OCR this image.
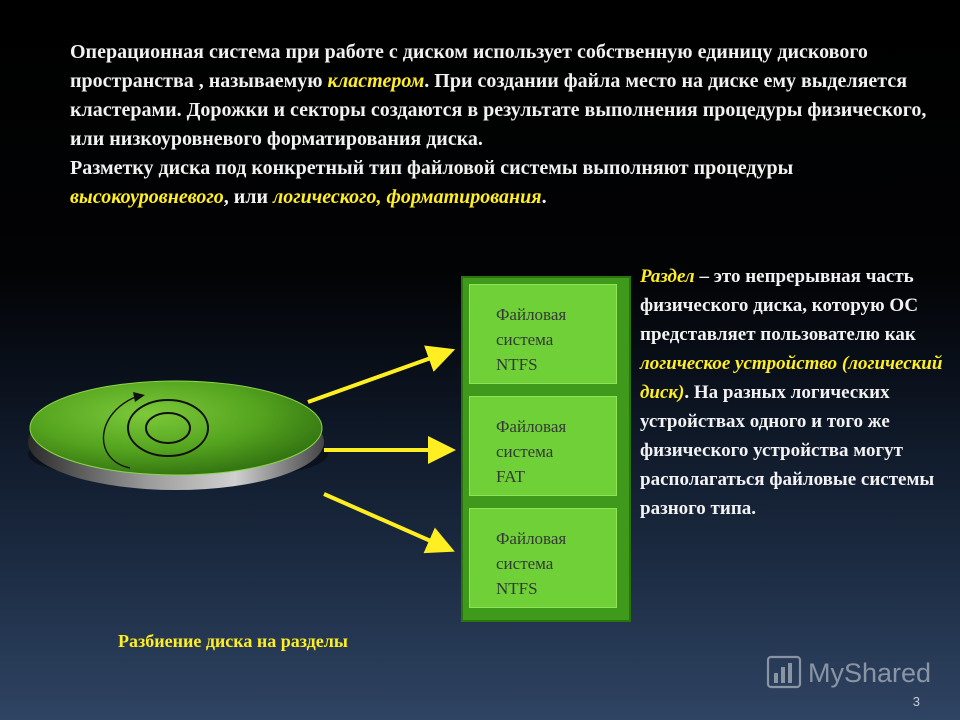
Операционная система при работе с диском использует собственную единицу дискового пространства , называемую кластером. При создании файла место на диске ему выделяется кластерами. Дорожки и секторы создаются в результате выполнения процедуры физического, или низкоуровневого форматирования диска.

Разметку диска под конкретный тип файловой системы выполняют процедуры высокоуровневого, или логического, форматирования.

Файловая
система
NTFS
Файловая
система
FAT
Файловая
система
NTFS
Раздел – это непрерывная часть физического диска, которую ОС представляет пользователю как логическое устройство (логический диск). На разных логических устройствах одного и того же физического устройства могут располагаться файловые системы разного типа.
Разбиение диска на разделы
MyShared
3
